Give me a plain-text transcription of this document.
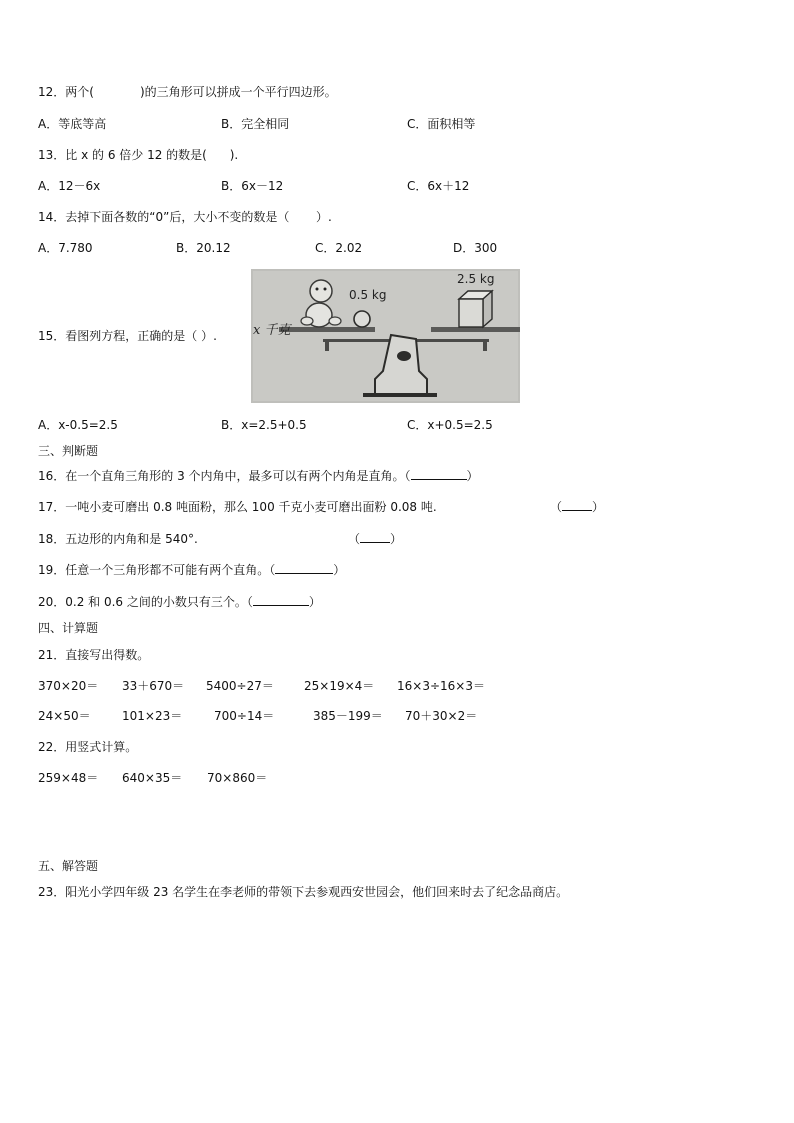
12．两个(	)的三角形可以拼成一个平行四边形。
A．等底等高	B．完全相同	C．面积相等
13．比 x 的 6 倍少 12 的数是(      ).
A．12－6x	B．6x－12	C．6x＋12
14．去掉下面各数的“0”后，大小不变的数是（       ）.
A．7.780	B．20.12	C．2.02	D．300
x 千克
0.5 kg
2.5 kg
15．看图列方程，正确的是（ ）.
A．x-0.5=2.5	B．x=2.5+0.5	C．x+0.5=2.5
三、判断题
16．在一个直角三角形的 3 个内角中，最多可以有两个内角是直角。（	）
17．一吨小麦可磨出 0.8 吨面粉，那么 100 千克小麦可磨出面粉 0.08 吨.	（	）
18．五边形的内角和是 540°.	（	）
19．任意一个三角形都不可能有两个直角。（	）
20．0.2 和 0.6 之间的小数只有三个。（	）
四、计算题
21．直接写出得数。
370×20＝ 33＋670＝ 5400÷27＝	25×19×4＝ 16×3÷16×3＝
24×50＝	101×23＝	700÷14＝	385－199＝ 70＋30×2＝
22．用竖式计算。
259×48＝ 640×35＝ 70×860＝
五、解答题
23．阳光小学四年级 23 名学生在李老师的带领下去参观西安世园会，他们回来时去了纪念品商店。
